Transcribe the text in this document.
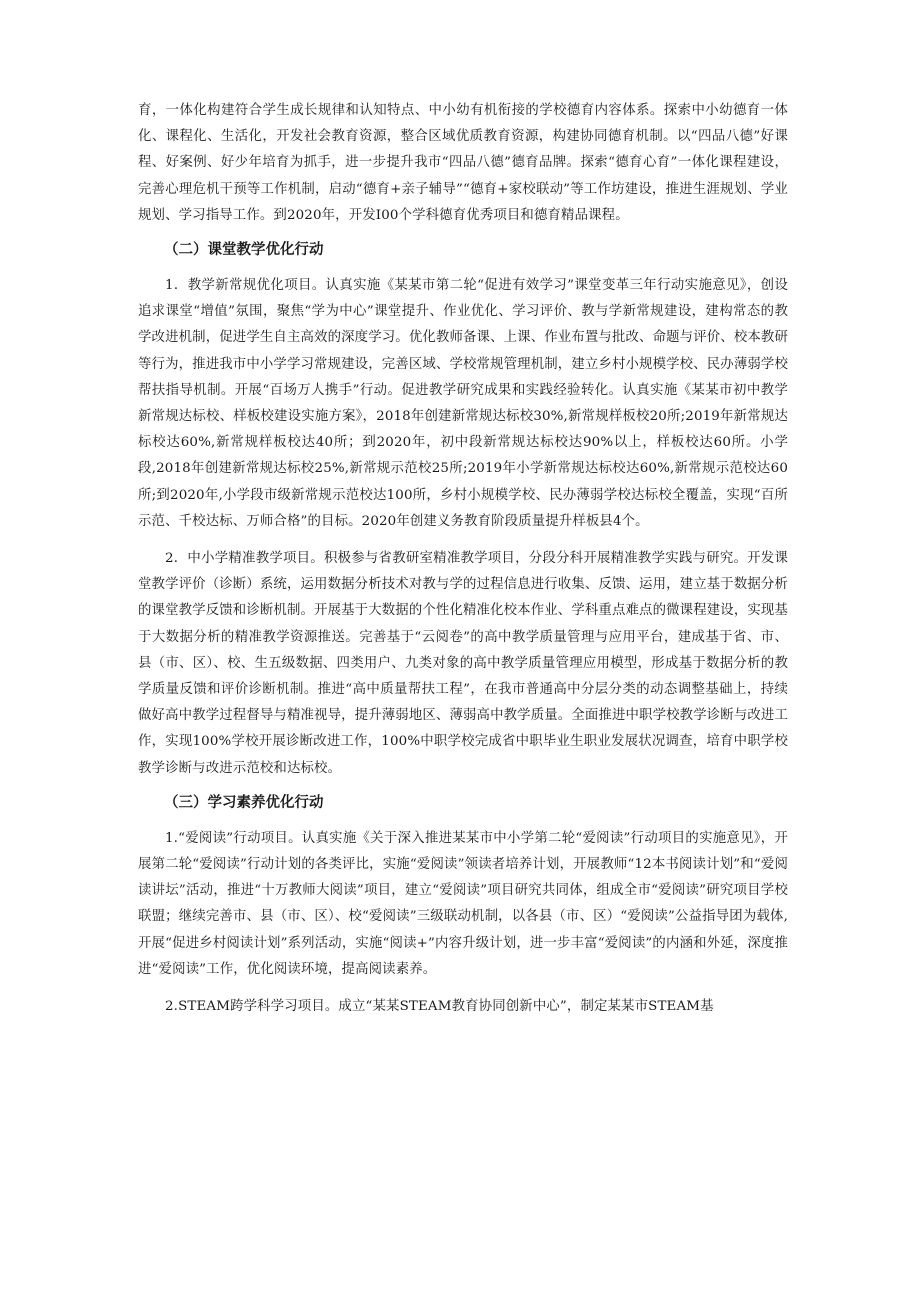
育，一体化构建符合学生成长规律和认知特点、中小幼有机衔接的学校德育内容体系。探索中小幼德育一体化、课程化、生活化，开发社会教育资源，整合区域优质教育资源，构建协同德育机制。以“四品八德”好课程、好案例、好少年培育为抓手，进一步提升我市“四品八德”德育品牌。探索“德育心育”一体化课程建设，完善心理危机干预等工作机制，启动“德育+亲子辅导”“德育+家校联动”等工作坊建设，推进生涯规划、学业规划、学习指导工作。到2020年，开发I00个学科德育优秀项目和德育精品课程。

（二）课堂教学优化行动

1．教学新常规优化项目。认真实施《某某市第二轮“促进有效学习”课堂变革三年行动实施意见》，创设追求课堂“增值”氛围，聚焦“学为中心”课堂提升、作业优化、学习评价、教与学新常规建设，建构常态的教学改进机制，促进学生自主高效的深度学习。优化教师备课、上课、作业布置与批改、命题与评价、校本教研等行为，推进我市中小学学习常规建设，完善区域、学校常规管理机制，建立乡村小规模学校、民办薄弱学校帮扶指导机制。开展“百场万人携手”行动。促进教学研究成果和实践经验转化。认真实施《某某市初中教学新常规达标校、样板校建设实施方案》，2018年创建新常规达标校30%,新常规样板校20所;2019年新常规达标校达60%,新常规样板校达40所；到2020年，初中段新常规达标校达90%以上，样板校达60所。小学段,2018年创建新常规达标校25%,新常规示范校25所;2019年小学新常规达标校达60%,新常规示范校达60所;到2020年,小学段市级新常规示范校达100所，乡村小规模学校、民办薄弱学校达标校全覆盖，实现“百所示范、千校达标、万师合格”的目标。2020年创建义务教育阶段质量提升样板县4个。

2．中小学精准教学项目。积极参与省教研室精准教学项目，分段分科开展精准教学实践与研究。开发课堂教学评价（诊断）系统，运用数据分析技术对教与学的过程信息进行收集、反馈、运用，建立基于数据分析的课堂教学反馈和诊断机制。开展基于大数据的个性化精准化校本作业、学科重点难点的微课程建设，实现基于大数据分析的精准教学资源推送。完善基于“云阅卷”的高中教学质量管理与应用平台，建成基于省、市、县（市、区）、校、生五级数据、四类用户、九类对象的高中教学质量管理应用模型，形成基于数据分析的教学质量反馈和评价诊断机制。推进“高中质量帮扶工程”，在我市普通高中分层分类的动态调整基础上，持续做好高中教学过程督导与精准视导，提升薄弱地区、薄弱高中教学质量。全面推进中职学校教学诊断与改进工作，实现100%学校开展诊断改进工作，100%中职学校完成省中职毕业生职业发展状况调查，培育中职学校教学诊断与改进示范校和达标校。

（三）学习素养优化行动

1.“爱阅读”行动项目。认真实施《关于深入推进某某市中小学第二轮“爱阅读”行动项目的实施意见》，开展第二轮“爱阅读”行动计划的各类评比，实施“爱阅读”领读者培养计划，开展教师“12本书阅读计划”和“爱阅读讲坛”活动，推进“十万教师大阅读”项目，建立“爱阅读”项目研究共同体，组成全市“爱阅读”研究项目学校联盟；继续完善市、县（市、区）、校“爱阅读”三级联动机制，以各县（市、区）“爱阅读”公益指导团为载体,开展“促进乡村阅读计划”系列活动，实施“阅读+”内容升级计划，进一步丰富“爱阅读”的内涵和外延，深度推进“爱阅读”工作，优化阅读环境，提高阅读素养。

2.STEAM跨学科学习项目。成立“某某STEAM教育协同创新中心”，制定某某市STEAM基
